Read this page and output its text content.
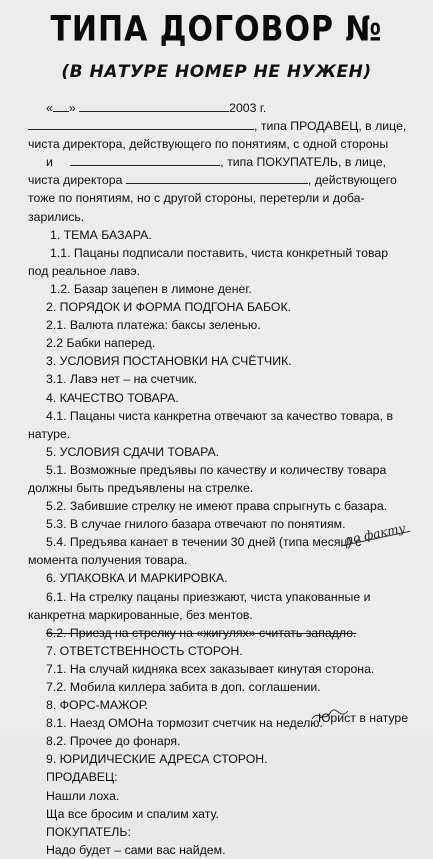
ТИПА ДОГОВОР №
(В НАТУРЕ НОМЕР НЕ НУЖЕН)
« »	2003 г.
, типа ПРОДАВЕЦ, в лице,
чиста директора, действующего по понятиям, с одной стороны
и	, типа ПОКУПАТЕЛЬ, в лице,
чиста директора	, действующего
тоже по понятиям, но с другой стороны, перетерли и доба-
зарились.
1. ТЕМА БАЗАРА.
1.1. Пацаны подписали поставить, чиста конкретный товар
под реальное лавэ.
1.2. Базар зацепен в лимоне денег.
2. ПОРЯДОК И ФОРМА ПОДГОНА БАБОК.
2.1. Валюта платежа: баксы зеленью.
2.2 Бабки наперед.
3. УСЛОВИЯ ПОСТАНОВКИ НА СЧЁТЧИК.
3.1. Лавэ нет – на счетчик.
4. КАЧЕСТВО ТОВАРА.
4.1. Пацаны чиста канкретна отвечают за качество товара, в
натуре.
5. УСЛОВИЯ СДАЧИ ТОВАРА.
5.1. Возможные предъявы по качеству и количеству товара
должны быть предъявлены на стрелке.
5.2. Забившие стрелку не имеют права спрыгнуть с базара.
5.3. В случае гнилого базара отвечают по понятиям.
5.4. Предъява канает в течении 30 дней (типа месяц) с
момента получения товара.
6. УПАКОВКА И МАРКИРОВКА.
6.1. На стрелку пацаны приезжают, чиста упакованные и
канкретна маркированные, без ментов.
6.2. Приезд на стрелку на «жигулях» считать западло.
7. ОТВЕТСТВЕННОСТЬ СТОРОН.
7.1. На случай кидняка всех заказывает кинутая сторона.
7.2. Мобила киллера забита в доп. соглашении.
8. ФОРС-МАЖОР.
8.1. Наезд ОМОНа тормозит счетчик на неделю.
8.2. Прочее до фонаря.
9. ЮРИДИЧЕСКИЕ АДРЕСА СТОРОН.
ПРОДАВЕЦ:
Нашли лоха.
Ща все бросим и спалим хату.
ПОКУПАТЕЛЬ:
Надо будет – сами вас найдем.
по факту
Юрист в натуре
